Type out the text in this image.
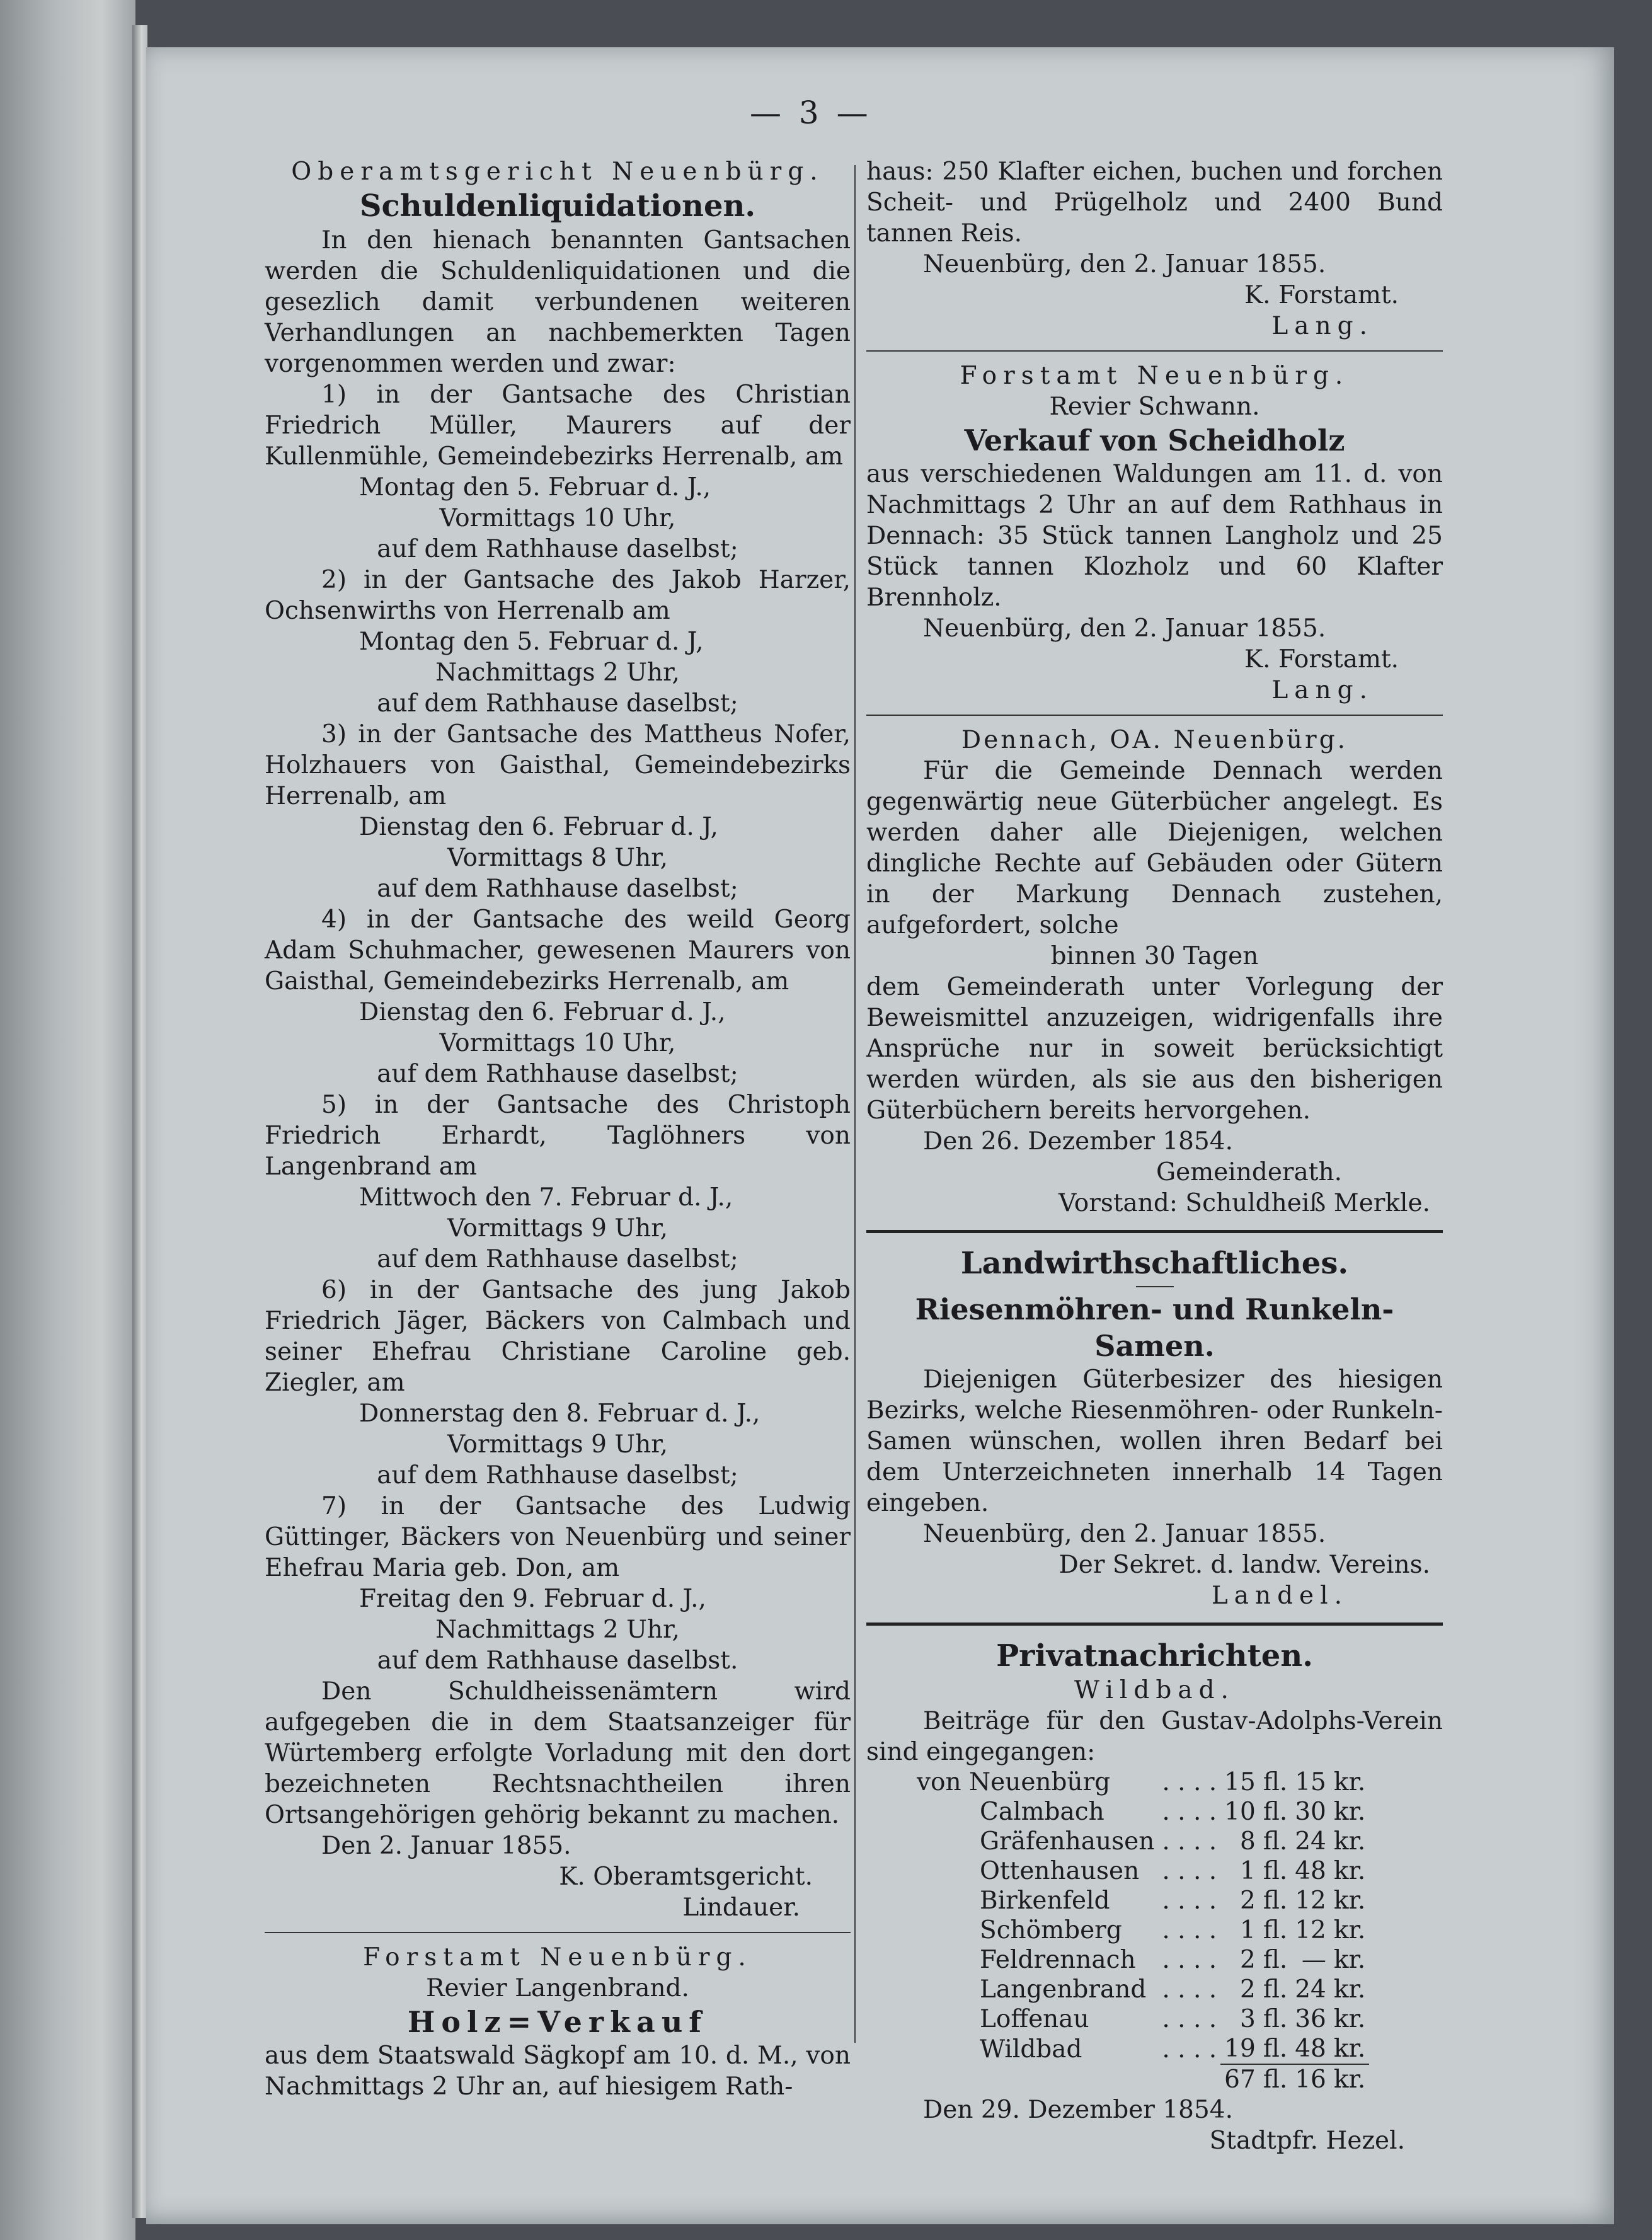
— 3 —

Oberamtsgericht Neuenbürg.

Schuldenliquidationen.

In den hienach benannten Gantsachen werden die Schuldenliquidationen und die gesezlich damit verbundenen weiteren Verhandlungen an nachbemerkten Tagen vorgenommen werden und zwar:

1) in der Gantsache des Christian Friedrich Müller, Maurers auf der Kullenmühle, Gemeindebezirks Herrenalb, am

Montag den 5. Februar d. J.,

Vormittags 10 Uhr,

auf dem Rathhause daselbst;

2) in der Gantsache des Jakob Harzer, Ochsenwirths von Herrenalb am

Montag den 5. Februar d. J,

Nachmittags 2 Uhr,

auf dem Rathhause daselbst;

3) in der Gantsache des Mattheus Nofer, Holzhauers von Gaisthal, Gemeindebezirks Herrenalb, am

Dienstag den 6. Februar d. J,

Vormittags 8 Uhr,

auf dem Rathhause daselbst;

4) in der Gantsache des weild Georg Adam Schuhmacher, gewesenen Maurers von Gaisthal, Gemeindebezirks Herrenalb, am

Dienstag den 6. Februar d. J.,

Vormittags 10 Uhr,

auf dem Rathhause daselbst;

5) in der Gantsache des Christoph Friedrich Erhardt, Taglöhners von Langenbrand am

Mittwoch den 7. Februar d. J.,

Vormittags 9 Uhr,

auf dem Rathhause daselbst;

6) in der Gantsache des jung Jakob Friedrich Jäger, Bäckers von Calmbach und seiner Ehefrau Christiane Caroline geb. Ziegler, am

Donnerstag den 8. Februar d. J.,

Vormittags 9 Uhr,

auf dem Rathhause daselbst;

7) in der Gantsache des Ludwig Güttinger, Bäckers von Neuenbürg und seiner Ehefrau Maria geb. Don, am

Freitag den 9. Februar d. J.,

Nachmittags 2 Uhr,

auf dem Rathhause daselbst.

Den Schuldheissenämtern wird aufgegeben die in dem Staatsanzeiger für Würtemberg erfolgte Vorladung mit den dort bezeichneten Rechtsnachtheilen ihren Ortsangehörigen gehörig bekannt zu machen.

Den 2. Januar 1855.

K. Oberamtsgericht.

Lindauer.

Forstamt Neuenbürg.

Revier Langenbrand.

Holz=Verkauf

aus dem Staatswald Sägkopf am 10. d. M., von Nachmittags 2 Uhr an, auf hiesigem Rath-

haus: 250 Klafter eichen, buchen und forchen Scheit- und Prügelholz und 2400 Bund tannen Reis.

Neuenbürg, den 2. Januar 1855.

K. Forstamt.

Lang.

Forstamt Neuenbürg.

Revier Schwann.

Verkauf von Scheidholz

aus verschiedenen Waldungen am 11. d. von Nachmittags 2 Uhr an auf dem Rathhaus in Dennach: 35 Stück tannen Langholz und 25 Stück tannen Klozholz und 60 Klafter Brennholz.

Neuenbürg, den 2. Januar 1855.

K. Forstamt.

Lang.

Dennach, OA. Neuenbürg.

Für die Gemeinde Dennach werden gegenwärtig neue Güterbücher angelegt. Es werden daher alle Diejenigen, welchen dingliche Rechte auf Gebäuden oder Gütern in der Markung Dennach zustehen, aufgefordert, solche

binnen 30 Tagen

dem Gemeinderath unter Vorlegung der Beweismittel anzuzeigen, widrigenfalls ihre Ansprüche nur in soweit berücksichtigt werden würden, als sie aus den bisherigen Güterbüchern bereits hervorgehen.

Den 26. Dezember 1854.

Gemeinderath.

Vorstand: Schuldheiß Merkle.

Landwirthschaftliches.

Riesenmöhren- und Runkeln-Samen.

Diejenigen Güterbesizer des hiesigen Bezirks, welche Riesenmöhren- oder Runkeln-Samen wünschen, wollen ihren Bedarf bei dem Unterzeichneten innerhalb 14 Tagen eingeben.

Neuenbürg, den 2. Januar 1855.

Der Sekret. d. landw. Vereins.

Landel.

Privatnachrichten.

Wildbad.

Beiträge für den Gustav-Adolphs-Verein sind eingegangen:

von Neuenbürg	. . . .	15	fl.	15	kr.
Calmbach	. . . .	10	fl.	30	kr.
Gräfenhausen	. . . .	8	fl.	24	kr.
Ottenhausen	. . . .	1	fl.	48	kr.
Birkenfeld	. . . .	2	fl.	12	kr.
Schömberg	. . . .	1	fl.	12	kr.
Feldrennach	. . . .	2	fl.	—	kr.
Langenbrand	. . . .	2	fl.	24	kr.
Loffenau	. . . .	3	fl.	36	kr.
Wildbad	. . . .	19	fl.	48	kr.
		67	fl.	16	kr.

Den 29. Dezember 1854.

Stadtpfr. Hezel.
